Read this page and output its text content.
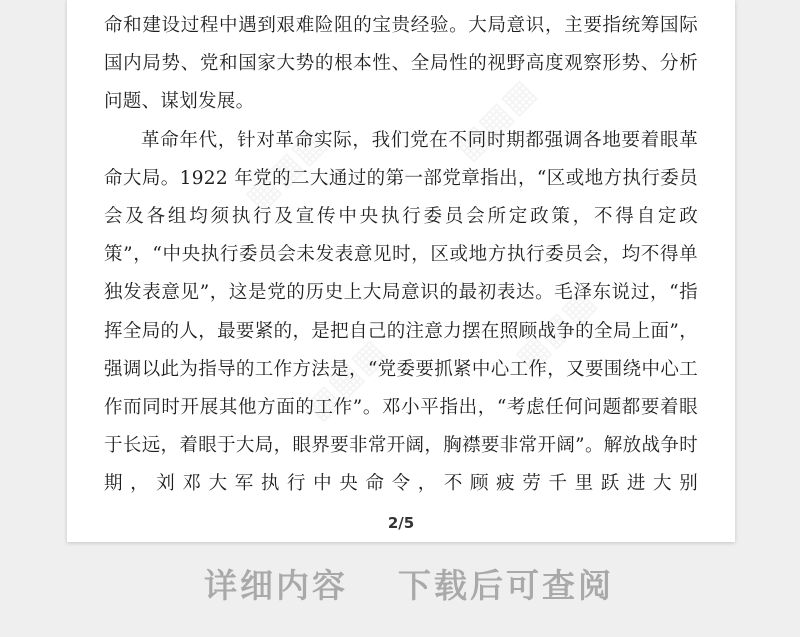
命和建设过程中遇到艰难险阻的宝贵经验。大局意识，主要指统筹国际国内局势、党和国家大势的根本性、全局性的视野高度观察形势、分析问题、谋划发展。

革命年代，针对革命实际，我们党在不同时期都强调各地要着眼革命大局。1922 年党的二大通过的第一部党章指出，“区或地方执行委员会及各组均须执行及宣传中央执行委员会所定政策，不得自定政策”，“中央执行委员会未发表意见时，区或地方执行委员会，均不得单独发表意见”，这是党的历史上大局意识的最初表达。毛泽东说过，“指挥全局的人，最要紧的，是把自己的注意力摆在照顾战争的全局上面”，强调以此为指导的工作方法是，“党委要抓紧中心工作，又要围绕中心工作而同时开展其他方面的工作”。邓小平指出，“考虑任何问题都要着眼于长远，着眼于大局，眼界要非常开阔，胸襟要非常开阔”。解放战争时期，刘邓大军执行中央命令，不顾疲劳千里跃进大别

2/5
详细内容 下载后可查阅
